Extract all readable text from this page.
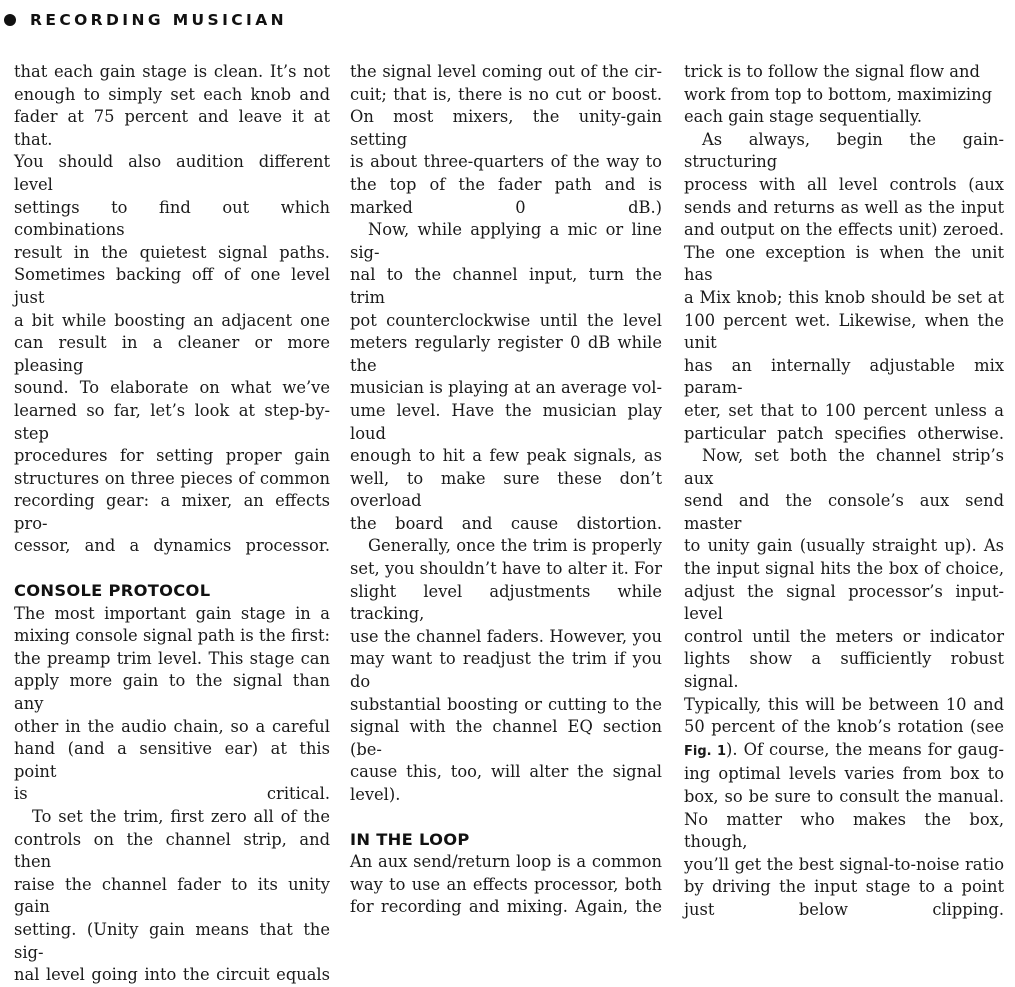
RECORDING MUSICIAN

that each gain stage is clean. It’s not
enough to simply set each knob and
fader at 75 percent and leave it at that.
You should also audition different level
settings to find out which combinations
result in the quietest signal paths.
Sometimes backing off of one level just
a bit while boosting an adjacent one
can result in a cleaner or more pleasing
sound. To elaborate on what we’ve
learned so far, let’s look at step-by-step
procedures for setting proper gain
structures on three pieces of common
recording gear: a mixer, an effects pro-
cessor, and a dynamics processor.

CONSOLE PROTOCOL

The most important gain stage in a
mixing console signal path is the first:
the preamp trim level. This stage can
apply more gain to the signal than any
other in the audio chain, so a careful
hand (and a sensitive ear) at this point
is critical.

To set the trim, first zero all of the
controls on the channel strip, and then
raise the channel fader to its unity gain
setting. (Unity gain means that the sig-
nal level going into the circuit equals

the signal level coming out of the cir-
cuit; that is, there is no cut or boost.
On most mixers, the unity-gain setting
is about three-quarters of the way to
the top of the fader path and is
marked 0 dB.)

Now, while applying a mic or line sig-
nal to the channel input, turn the trim
pot counterclockwise until the level
meters regularly register 0 dB while the
musician is playing at an average vol-
ume level. Have the musician play loud
enough to hit a few peak signals, as
well, to make sure these don’t overload
the board and cause distortion.

Generally, once the trim is properly
set, you shouldn’t have to alter it. For
slight level adjustments while tracking,
use the channel faders. However, you
may want to readjust the trim if you do
substantial boosting or cutting to the
signal with the channel EQ section (be-
cause this, too, will alter the signal
level).

IN THE LOOP

An aux send/return loop is a common
way to use an effects processor, both
for recording and mixing. Again, the

trick is to follow the signal flow and
work from top to bottom, maximizing
each gain stage sequentially.

As always, begin the gain-structuring
process with all level controls (aux
sends and returns as well as the input
and output on the effects unit) zeroed.
The one exception is when the unit has
a Mix knob; this knob should be set at
100 percent wet. Likewise, when the unit
has an internally adjustable mix param-
eter, set that to 100 percent unless a
particular patch specifies otherwise.

Now, set both the channel strip’s aux
send and the console’s aux send master
to unity gain (usually straight up). As
the input signal hits the box of choice,
adjust the signal processor’s input-level
control until the meters or indicator
lights show a sufficiently robust signal.
Typically, this will be between 10 and
50 percent of the knob’s rotation (see
Fig. 1). Of course, the means for gaug-
ing optimal levels varies from box to
box, so be sure to consult the manual.
No matter who makes the box, though,
you’ll get the best signal-to-noise ratio
by driving the input stage to a point
just below clipping.
